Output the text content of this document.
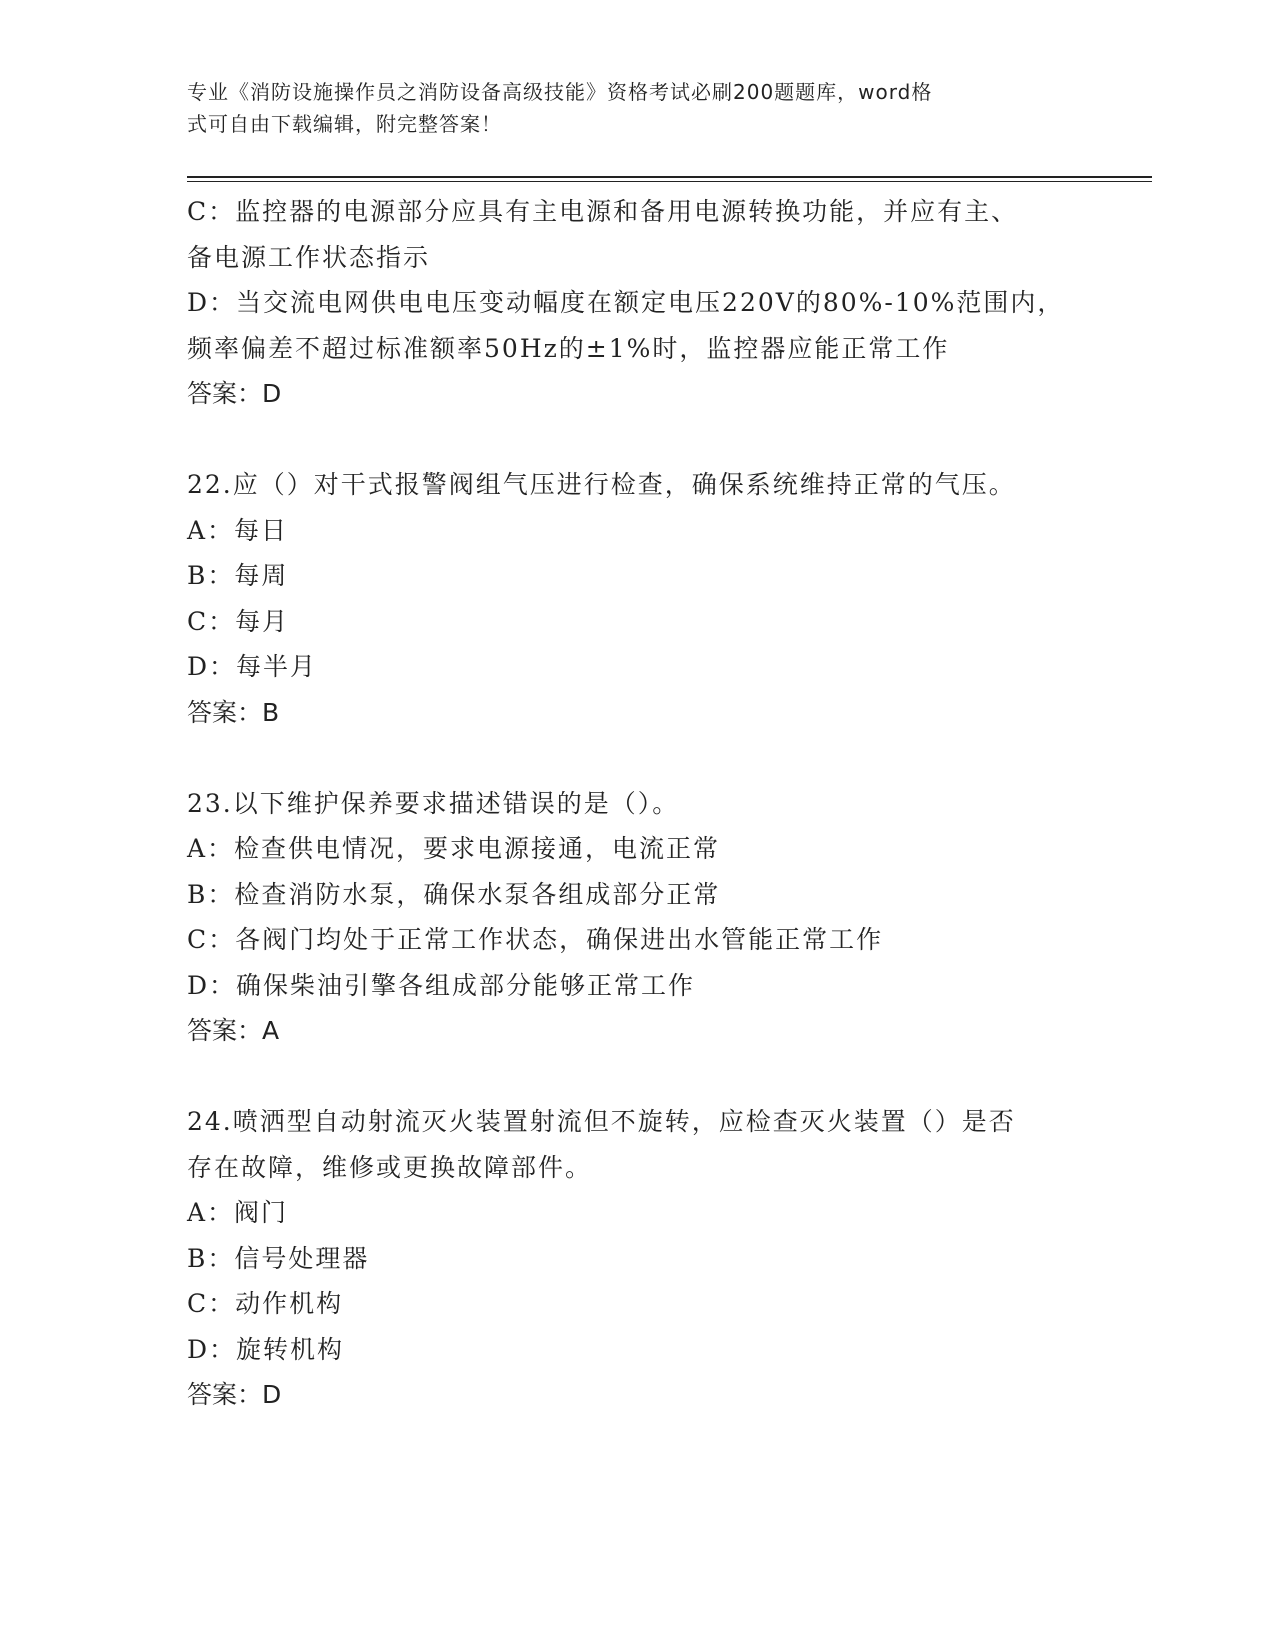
专业《消防设施操作员之消防设备高级技能》资格考试必刷200题题库，word格
式可自由下载编辑，附完整答案！
C：监控器的电源部分应具有主电源和备用电源转换功能，并应有主、
备电源工作状态指示
D：当交流电网供电电压变动幅度在额定电压220V的80%-10%范围内，
频率偏差不超过标准额率50Hz的±1%时，监控器应能正常工作
答案：D
22.应（）对干式报警阀组气压进行检查，确保系统维持正常的气压。
A：每日
B：每周
C：每月
D：每半月
答案：B
23.以下维护保养要求描述错误的是（）。
A：检查供电情况，要求电源接通，电流正常
B：检查消防水泵，确保水泵各组成部分正常
C：各阀门均处于正常工作状态，确保进出水管能正常工作
D：确保柴油引擎各组成部分能够正常工作
答案：A
24.喷洒型自动射流灭火装置射流但不旋转，应检查灭火装置（）是否
存在故障，维修或更换故障部件。
A：阀门
B：信号处理器
C：动作机构
D：旋转机构
答案：D
